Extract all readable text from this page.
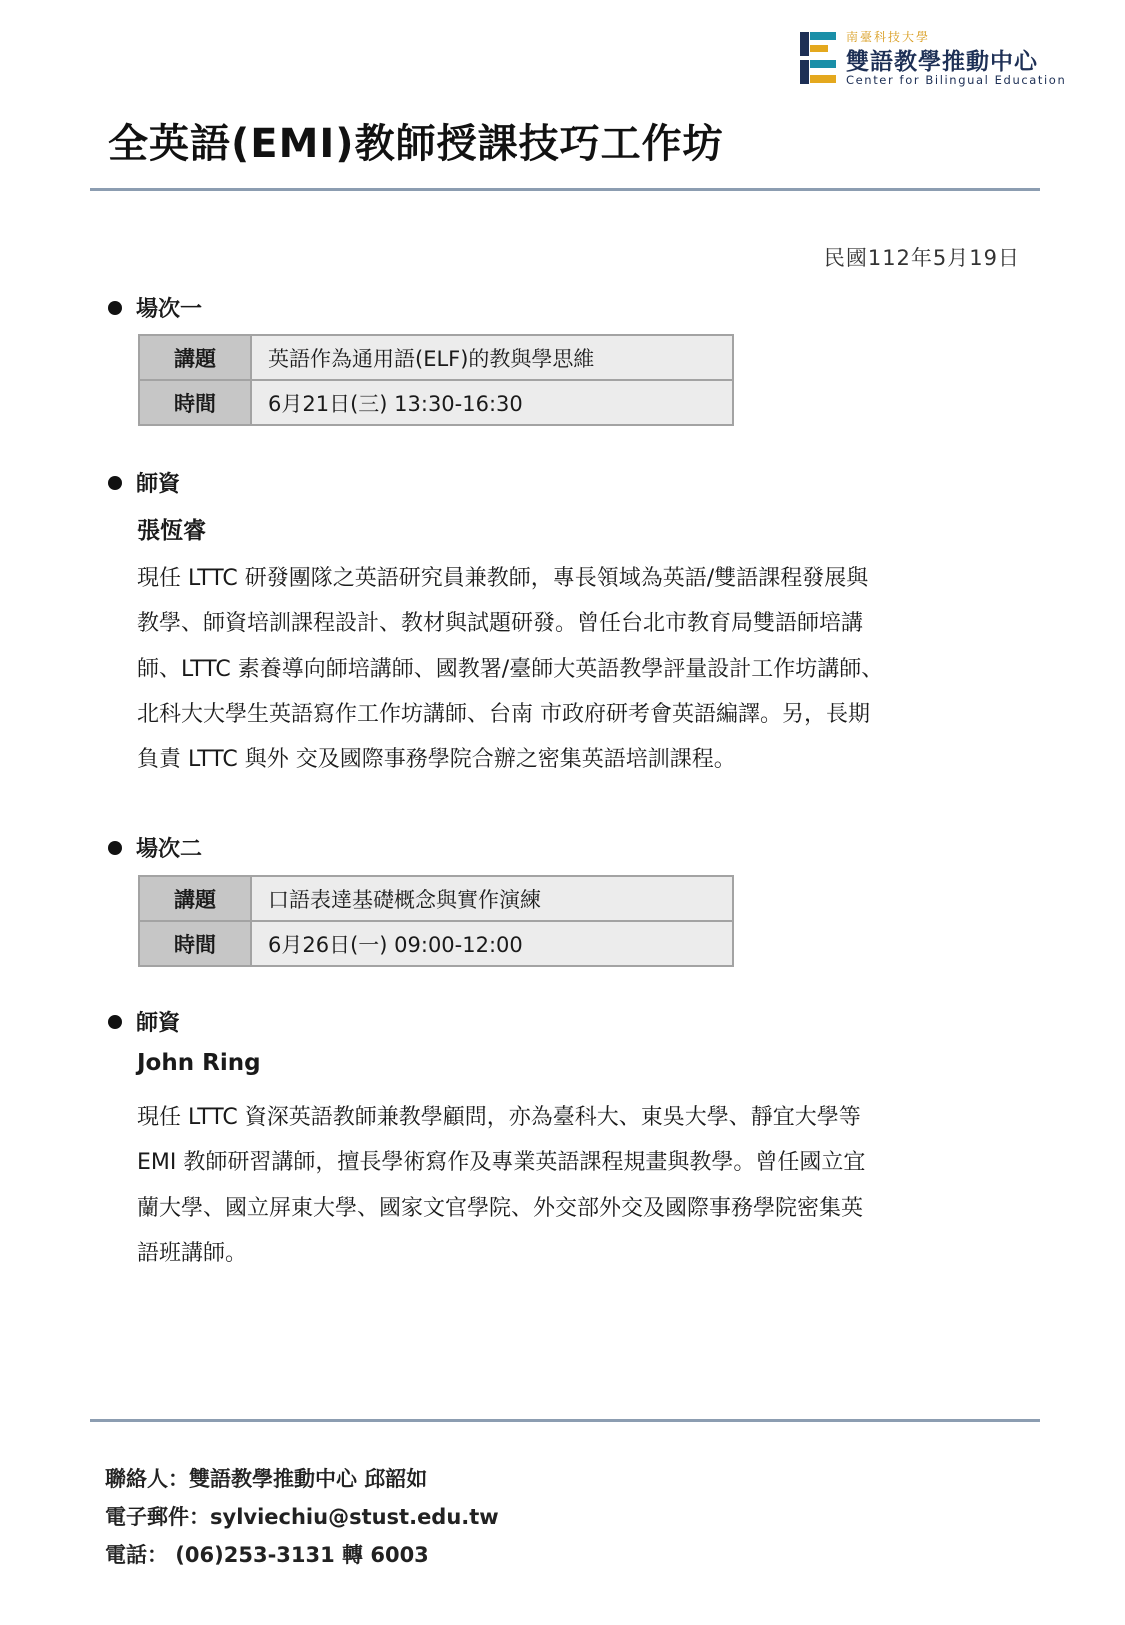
南臺科技大學
雙語教學推動中心
Center for Bilingual Education
全英語(EMI)教師授課技巧工作坊
民國112年5月19日
場次一
講題	英語作為通用語(ELF)的教與學思維
時間	6月21日(三) 13:30-16:30
師資
張恆睿
現任 LTTC 研發團隊之英語研究員兼教師，專長領域為英語/雙語課程發展與
教學、師資培訓課程設計、教材與試題研發。曾任台北市教育局雙語師培講
師、LTTC 素養導向師培講師、國教署/臺師大英語教學評量設計工作坊講師、
北科大大學生英語寫作工作坊講師、台南 市政府研考會英語編譯。另，長期
負責 LTTC 與外 交及國際事務學院合辦之密集英語培訓課程。
場次二
講題	口語表達基礎概念與實作演練
時間	6月26日(一) 09:00-12:00
師資
John Ring
現任 LTTC 資深英語教師兼教學顧問，亦為臺科大、東吳大學、靜宜大學等
EMI 教師研習講師，擅長學術寫作及專業英語課程規畫與教學。曾任國立宜
蘭大學、國立屏東大學、國家文官學院、外交部外交及國際事務學院密集英
語班講師。
聯絡人：雙語教學推動中心 邱韶如
電子郵件：sylviechiu@stust.edu.tw
電話： (06)253-3131 轉 6003
